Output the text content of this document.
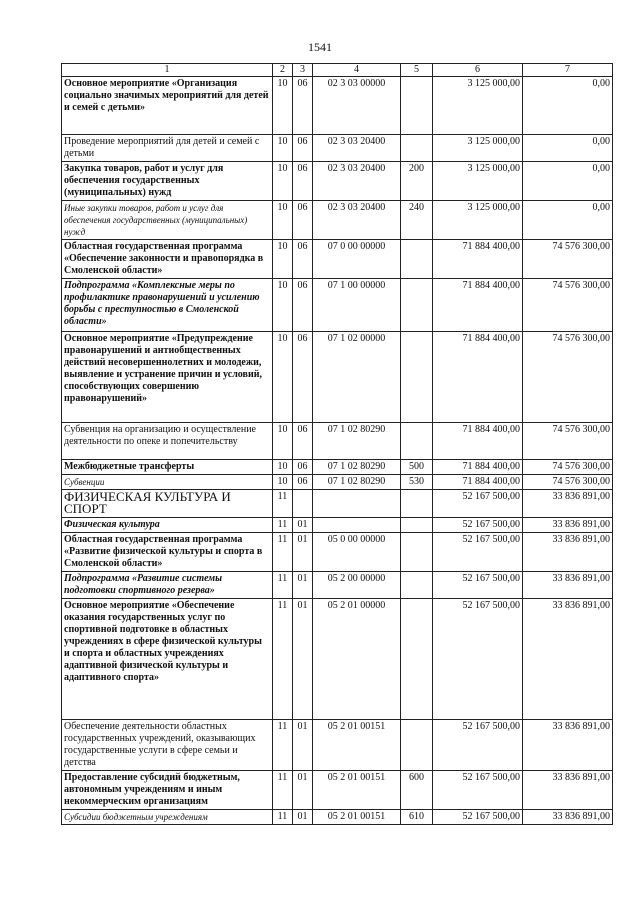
1541
1	2	3	4	5	6	7
Основное мероприятие «Организация социально значимых мероприятий для детей и семей с детьми»	10	06	02 3 03 00000		3 125 000,00	0,00
Проведение мероприятий для детей и семей с детьми	10	06	02 3 03 20400		3 125 000,00	0,00
Закупка товаров, работ и услуг для обеспечения государственных (муниципальных) нужд	10	06	02 3 03 20400	200	3 125 000,00	0,00
Иные закупки товаров, работ и услуг для обеспечения государственных (муниципальных) нужд	10	06	02 3 03 20400	240	3 125 000,00	0,00
Областная государственная программа «Обеспечение законности и правопорядка в Смоленской области»	10	06	07 0 00 00000		71 884 400,00	74 576 300,00
Подпрограмма «Комплексные меры по профилактике правонарушений и усилению борьбы с преступностью в Смоленской области»	10	06	07 1 00 00000		71 884 400,00	74 576 300,00
Основное мероприятие «Предупреждение правонарушений и антиобщественных действий несовершеннолетних и молодежи, выявление и устранение причин и условий, способствующих совершению правонарушений»	10	06	07 1 02 00000		71 884 400,00	74 576 300,00
Субвенция на организацию и осуществление деятельности по опеке и попечительству	10	06	07 1 02 80290		71 884 400,00	74 576 300,00
Межбюджетные трансферты	10	06	07 1 02 80290	500	71 884 400,00	74 576 300,00
Субвенции	10	06	07 1 02 80290	530	71 884 400,00	74 576 300,00
ФИЗИЧЕСКАЯ КУЛЬТУРА И СПОРТ	11				52 167 500,00	33 836 891,00
Физическая культура	11	01			52 167 500,00	33 836 891,00
Областная государственная программа «Развитие физической культуры и спорта в Смоленской области»	11	01	05 0 00 00000		52 167 500,00	33 836 891,00
Подпрограмма «Развитие системы подготовки спортивного резерва»	11	01	05 2 00 00000		52 167 500,00	33 836 891,00
Основное мероприятие «Обеспечение оказания государственных услуг по спортивной подготовке в областных учреждениях в сфере физической культуры и спорта и областных учреждениях адаптивной физической культуры и адаптивного спорта»	11	01	05 2 01 00000		52 167 500,00	33 836 891,00
Обеспечение деятельности областных государственных учреждений, оказывающих государственные услуги в сфере семьи и детства	11	01	05 2 01 00151		52 167 500,00	33 836 891,00
Предоставление субсидий бюджетным, автономным учреждениям и иным некоммерческим организациям	11	01	05 2 01 00151	600	52 167 500,00	33 836 891,00
Субсидии бюджетным учреждениям	11	01	05 2 01 00151	610	52 167 500,00	33 836 891,00
